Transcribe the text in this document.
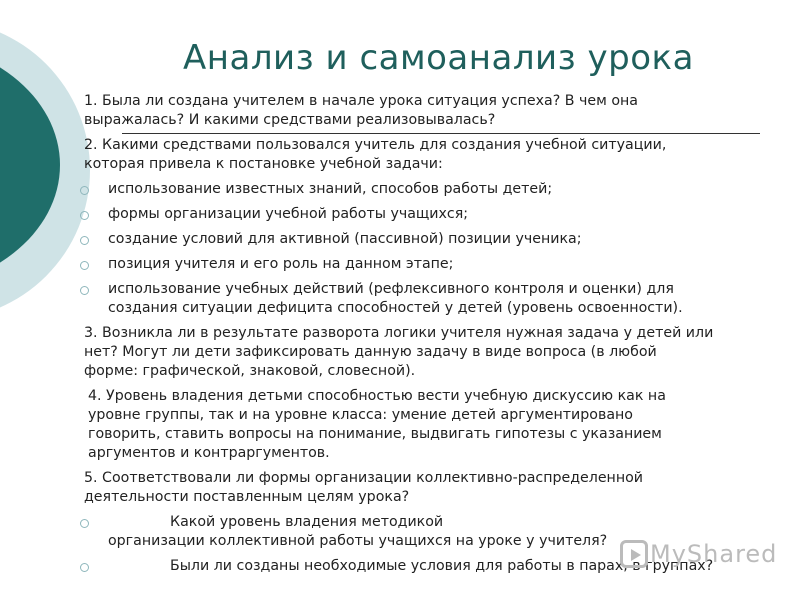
Анализ и самоанализ урока
1. Была ли создана учителем в начале урока ситуация успеха? В чем она
выражалась? И какими средствами реализовывалась?
2. Какими средствами пользовался учитель для создания учебной ситуации,
которая привела к постановке учебной задачи:
использование известных знаний, способов работы детей;
формы организации учебной работы учащихся;
создание условий для активной (пассивной) позиции ученика;
позиция учителя и его роль на данном этапе;
использование учебных действий (рефлексивного контроля и оценки) для
создания ситуации дефицита способностей у детей (уровень освоенности).
3. Возникла ли в результате разворота логики учителя нужная задача у детей или
нет? Могут ли дети зафиксировать данную задачу в виде вопроса (в любой
форме: графической, знаковой, словесной).
4. Уровень владения детьми способностью вести учебную дискуссию как на
уровне группы, так и на уровне класса: умение детей аргументировано
говорить, ставить вопросы на понимание, выдвигать гипотезы с указанием
аргументов и контраргументов.
5. Соответствовали ли формы организации коллективно-распределенной
деятельности поставленным целям урока?
Какой уровень владения методикой
организации коллективной работы учащихся на уроке у учителя?
Были ли созданы необходимые условия для работы в парах, в группах?
MyShared
